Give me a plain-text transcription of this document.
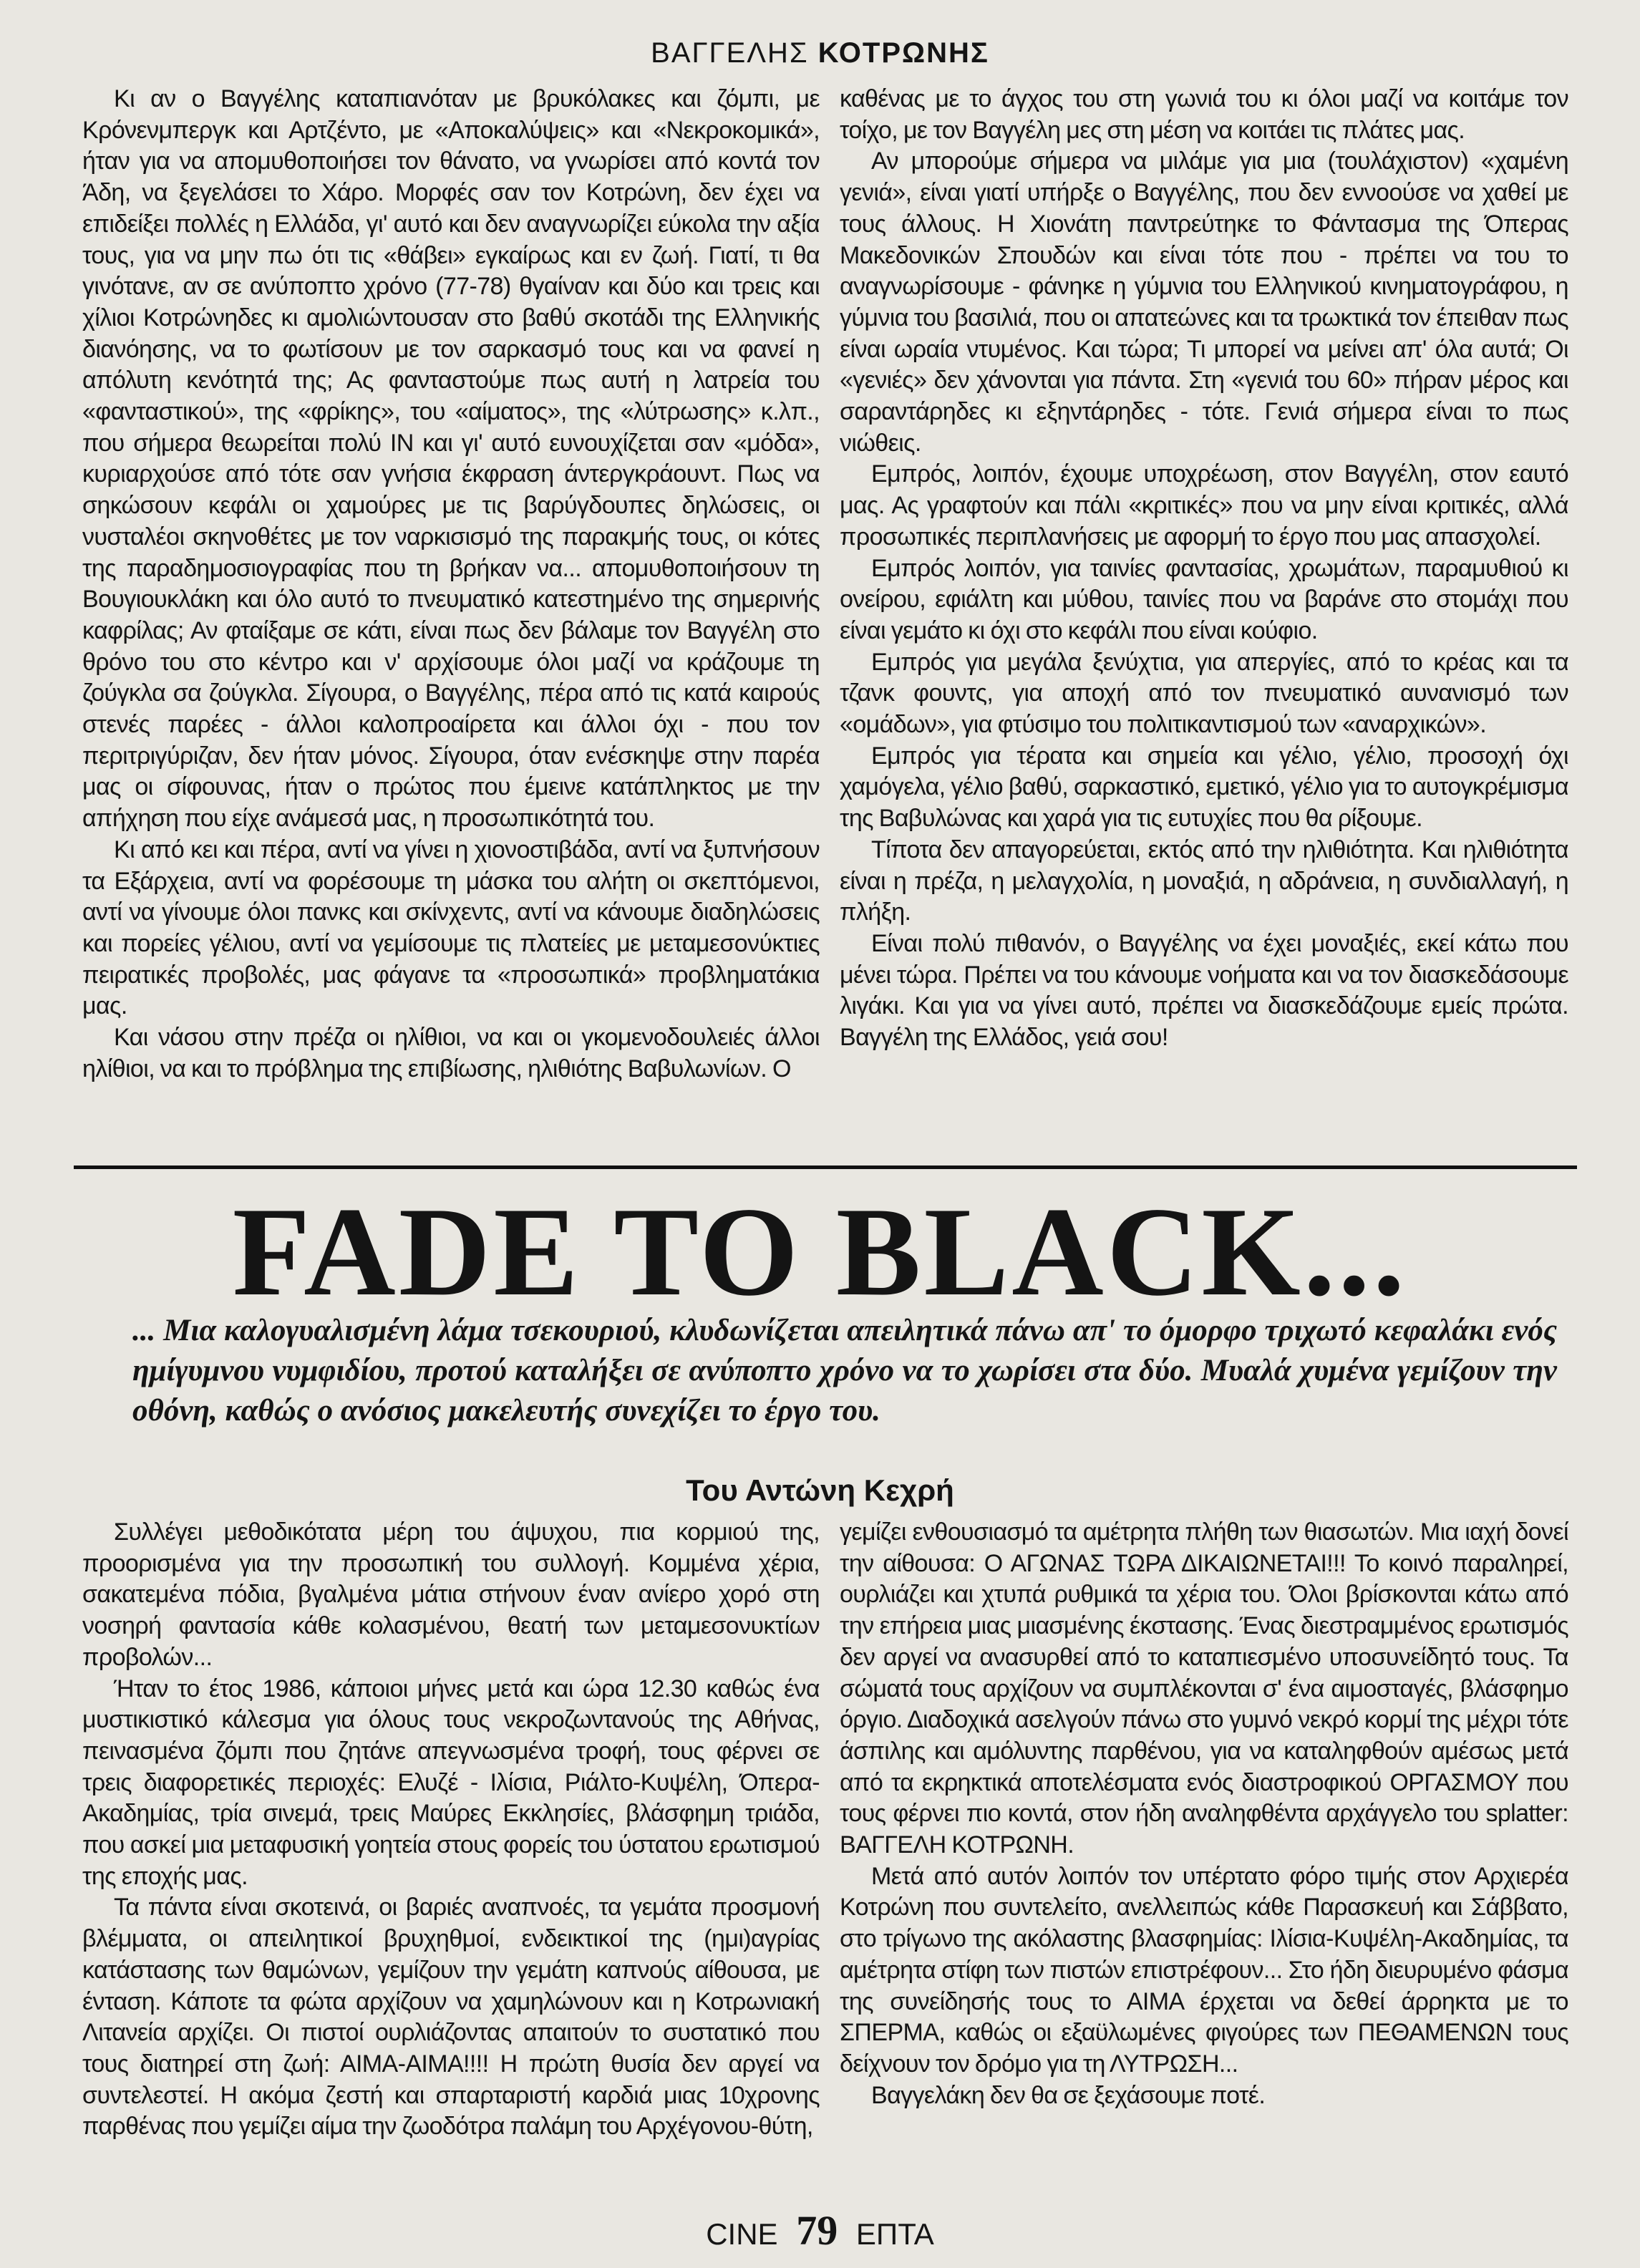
ΒΑΓΓΕΛΗΣ ΚΟΤΡΩΝΗΣ

Κι αν ο Βαγγέλης καταπιανόταν με βρυκόλακες και ζόμπι, με Κρόνενμπεργκ και Αρτζέντο, με «Αποκαλύψεις» και «Νεκροκομικά», ήταν για να απομυθοποιήσει τον θάνατο, να γνωρίσει από κοντά τον Άδη, να ξεγελάσει το Χάρο. Μορφές σαν τον Κοτρώνη, δεν έχει να επιδείξει πολλές η Ελλάδα, γι' αυτό και δεν αναγνωρίζει εύκολα την αξία τους, για να μην πω ότι τις «θάβει» εγκαίρως και εν ζωή. Γιατί, τι θα γινότανε, αν σε ανύποπτο χρόνο (77-78) θγαίναν και δύο και τρεις και χίλιοι Κοτρώνηδες κι αμολιώντουσαν στο βαθύ σκοτάδι της Ελληνικής διανόησης, να το φωτίσουν με τον σαρκασμό τους και να φανεί η απόλυτη κενότητά της; Ας φανταστούμε πως αυτή η λατρεία του «φανταστικού», της «φρίκης», του «αίματος», της «λύτρωσης» κ.λπ., που σήμερα θεωρείται πολύ ΙΝ και γι' αυτό ευνουχίζεται σαν «μόδα», κυριαρχούσε από τότε σαν γνήσια έκφραση άντεργκράουντ. Πως να σηκώσουν κεφάλι οι χαμούρες με τις βαρύγδουπες δηλώσεις, οι νυσταλέοι σκηνοθέτες με τον ναρκισισμό της παρακμής τους, οι κότες της παραδημοσιογραφίας που τη βρήκαν να... απομυθοποιήσουν τη Βουγιουκλάκη και όλο αυτό το πνευματικό κατεστημένο της σημερινής καφρίλας; Αν φταίξαμε σε κάτι, είναι πως δεν βάλαμε τον Βαγγέλη στο θρόνο του στο κέντρο και ν' αρχίσουμε όλοι μαζί να κράζουμε τη ζούγκλα σα ζούγκλα. Σίγουρα, ο Βαγγέλης, πέρα από τις κατά καιρούς στενές παρέες - άλλοι καλοπροαίρετα και άλλοι όχι - που τον περιτριγύριζαν, δεν ήταν μόνος. Σίγουρα, όταν ενέσκηψε στην παρέα μας οι σίφουνας, ήταν ο πρώτος που έμεινε κατάπληκτος με την απήχηση που είχε ανάμεσά μας, η προσωπικότητά του.

Κι από κει και πέρα, αντί να γίνει η χιονοστιβάδα, αντί να ξυπνήσουν τα Εξάρχεια, αντί να φορέσουμε τη μάσκα του αλήτη οι σκεπτόμενοι, αντί να γίνουμε όλοι πανκς και σκίνχεντς, αντί να κάνουμε διαδηλώσεις και πορείες γέλιου, αντί να γεμίσουμε τις πλατείες με μεταμεσονύκτιες πειρατικές προβολές, μας φάγανε τα «προσωπικά» προβληματάκια μας.

Και νάσου στην πρέζα οι ηλίθιοι, να και οι γκομενοδουλειές άλλοι ηλίθιοι, να και το πρόβλημα της επιβίωσης, ηλιθιότης Βαβυλωνίων. Ο

καθένας με το άγχος του στη γωνιά του κι όλοι μαζί να κοιτάμε τον τοίχο, με τον Βαγγέλη μες στη μέση να κοιτάει τις πλάτες μας.

Αν μπορούμε σήμερα να μιλάμε για μια (τουλάχιστον) «χαμένη γενιά», είναι γιατί υπήρξε ο Βαγγέλης, που δεν εννοούσε να χαθεί με τους άλλους. Η Χιονάτη παντρεύτηκε το Φάντασμα της Όπερας Μακεδονικών Σπουδών και είναι τότε που - πρέπει να του το αναγνωρίσουμε - φάνηκε η γύμνια του Ελληνικού κινηματογράφου, η γύμνια του βασιλιά, που οι απατεώνες και τα τρωκτικά τον έπειθαν πως είναι ωραία ντυμένος. Και τώρα; Τι μπορεί να μείνει απ' όλα αυτά; Οι «γενιές» δεν χάνονται για πάντα. Στη «γενιά του 60» πήραν μέρος και σαραντάρηδες κι εξηντάρηδες - τότε. Γενιά σήμερα είναι το πως νιώθεις.

Εμπρός, λοιπόν, έχουμε υποχρέωση, στον Βαγγέλη, στον εαυτό μας. Ας γραφτούν και πάλι «κριτικές» που να μην είναι κριτικές, αλλά προσωπικές περιπλανήσεις με αφορμή το έργο που μας απασχολεί.

Εμπρός λοιπόν, για ταινίες φαντασίας, χρωμάτων, παραμυθιού κι ονείρου, εφιάλτη και μύθου, ταινίες που να βαράνε στο στομάχι που είναι γεμάτο κι όχι στο κεφάλι που είναι κούφιο.

Εμπρός για μεγάλα ξενύχτια, για απεργίες, από το κρέας και τα τζανκ φουντς, για αποχή από τον πνευματικό αυνανισμό των «ομάδων», για φτύσιμο του πολιτικαντισμού των «αναρχικών».

Εμπρός για τέρατα και σημεία και γέλιο, γέλιο, προσοχή όχι χαμόγελα, γέλιο βαθύ, σαρκαστικό, εμετικό, γέλιο για το αυτογκρέμισμα της Βαβυλώνας και χαρά για τις ευτυχίες που θα ρίξουμε.

Τίποτα δεν απαγορεύεται, εκτός από την ηλιθιότητα. Και ηλιθιότητα είναι η πρέζα, η μελαγχολία, η μοναξιά, η αδράνεια, η συνδιαλλαγή, η πλήξη.

Είναι πολύ πιθανόν, ο Βαγγέλης να έχει μοναξιές, εκεί κάτω που μένει τώρα. Πρέπει να του κάνουμε νοήματα και να τον διασκεδάσουμε λιγάκι. Και για να γίνει αυτό, πρέπει να διασκεδάζουμε εμείς πρώτα. Βαγγέλη της Ελλάδος, γειά σου!

FADE TO BLACK...

... Μια καλογυαλισμένη λάμα τσεκουριού, κλυδωνίζεται απειλητικά πάνω απ' το όμορφο τριχωτό κεφαλάκι ενός ημίγυμνου νυμφιδίου, προτού καταλήξει σε ανύποπτο χρόνο να το χωρίσει στα δύο. Μυαλά χυμένα γεμίζουν την οθόνη, καθώς ο ανόσιος μακελευτής συνεχίζει το έργο του.

Του Αντώνη Κεχρή

Συλλέγει μεθοδικότατα μέρη του άψυχου, πια κορμιού της, προορισμένα για την προσωπική του συλλογή. Κομμένα χέρια, σακατεμένα πόδια, βγαλμένα μάτια στήνουν έναν ανίερο χορό στη νοσηρή φαντασία κάθε κολασμένου, θεατή των μεταμεσονυκτίων προβολών...

Ήταν το έτος 1986, κάποιοι μήνες μετά και ώρα 12.30 καθώς ένα μυστικιστικό κάλεσμα για όλους τους νεκροζωντανούς της Αθήνας, πεινασμένα ζόμπι που ζητάνε απεγνωσμένα τροφή, τους φέρνει σε τρεις διαφορετικές περιοχές: Ελυζέ - Ιλίσια, Ριάλτο-Κυψέλη, Όπερα-Ακαδημίας, τρία σινεμά, τρεις Μαύρες Εκκλησίες, βλάσφημη τριάδα, που ασκεί μια μεταφυσική γοητεία στους φορείς του ύστατου ερωτισμού της εποχής μας.

Τα πάντα είναι σκοτεινά, οι βαριές αναπνοές, τα γεμάτα προσμονή βλέμματα, οι απειλητικοί βρυχηθμοί, ενδεικτικοί της (ημι)αγρίας κατάστασης των θαμώνων, γεμίζουν την γεμάτη καπνούς αίθουσα, με ένταση. Κάποτε τα φώτα αρχίζουν να χαμηλώνουν και η Κοτρωνιακή Λιτανεία αρχίζει. Οι πιστοί ουρλιάζοντας απαιτούν το συστατικό που τους διατηρεί στη ζωή: ΑΙΜΑ-ΑΙΜΑ!!!! Η πρώτη θυσία δεν αργεί να συντελεστεί. Η ακόμα ζεστή και σπαρταριστή καρδιά μιας 10χρονης παρθένας που γεμίζει αίμα την ζωοδότρα παλάμη του Αρχέγονου-θύτη,

γεμίζει ενθουσιασμό τα αμέτρητα πλήθη των θιασωτών. Μια ιαχή δονεί την αίθουσα: Ο ΑΓΩΝΑΣ ΤΩΡΑ ΔΙΚΑΙΩΝΕΤΑΙ!!! Το κοινό παραληρεί, ουρλιάζει και χτυπά ρυθμικά τα χέρια του. Όλοι βρίσκονται κάτω από την επήρεια μιας μιασμένης έκστασης. Ένας διεστραμμένος ερωτισμός δεν αργεί να ανασυρθεί από το καταπιεσμένο υποσυνείδητό τους. Τα σώματά τους αρχίζουν να συμπλέκονται σ' ένα αιμοσταγές, βλάσφημο όργιο. Διαδοχικά ασελγούν πάνω στο γυμνό νεκρό κορμί της μέχρι τότε άσπιλης και αμόλυντης παρθένου, για να καταληφθούν αμέσως μετά από τα εκρηκτικά αποτελέσματα ενός διαστροφικού ΟΡΓΑΣΜΟΥ που τους φέρνει πιο κοντά, στον ήδη αναληφθέντα αρχάγγελο του splatter: ΒΑΓΓΕΛΗ ΚΟΤΡΩΝΗ.

Μετά από αυτόν λοιπόν τον υπέρτατο φόρο τιμής στον Αρχιερέα Κοτρώνη που συντελείτο, ανελλειπώς κάθε Παρασκευή και Σάββατο, στο τρίγωνο της ακόλαστης βλασφημίας: Ιλίσια-Κυψέλη-Ακαδημίας, τα αμέτρητα στίφη των πιστών επιστρέφουν... Στο ήδη διευρυμένο φάσμα της συνείδησής τους το ΑΙΜΑ έρχεται να δεθεί άρρηκτα με το ΣΠΕΡΜΑ, καθώς οι εξαϋλωμένες φιγούρες των ΠΕΘΑΜΕΝΩΝ τους δείχνουν τον δρόμο για τη ΛΥΤΡΩΣΗ...

Βαγγελάκη δεν θα σε ξεχάσουμε ποτέ.

CINE 79 ΕΠΤΑ
